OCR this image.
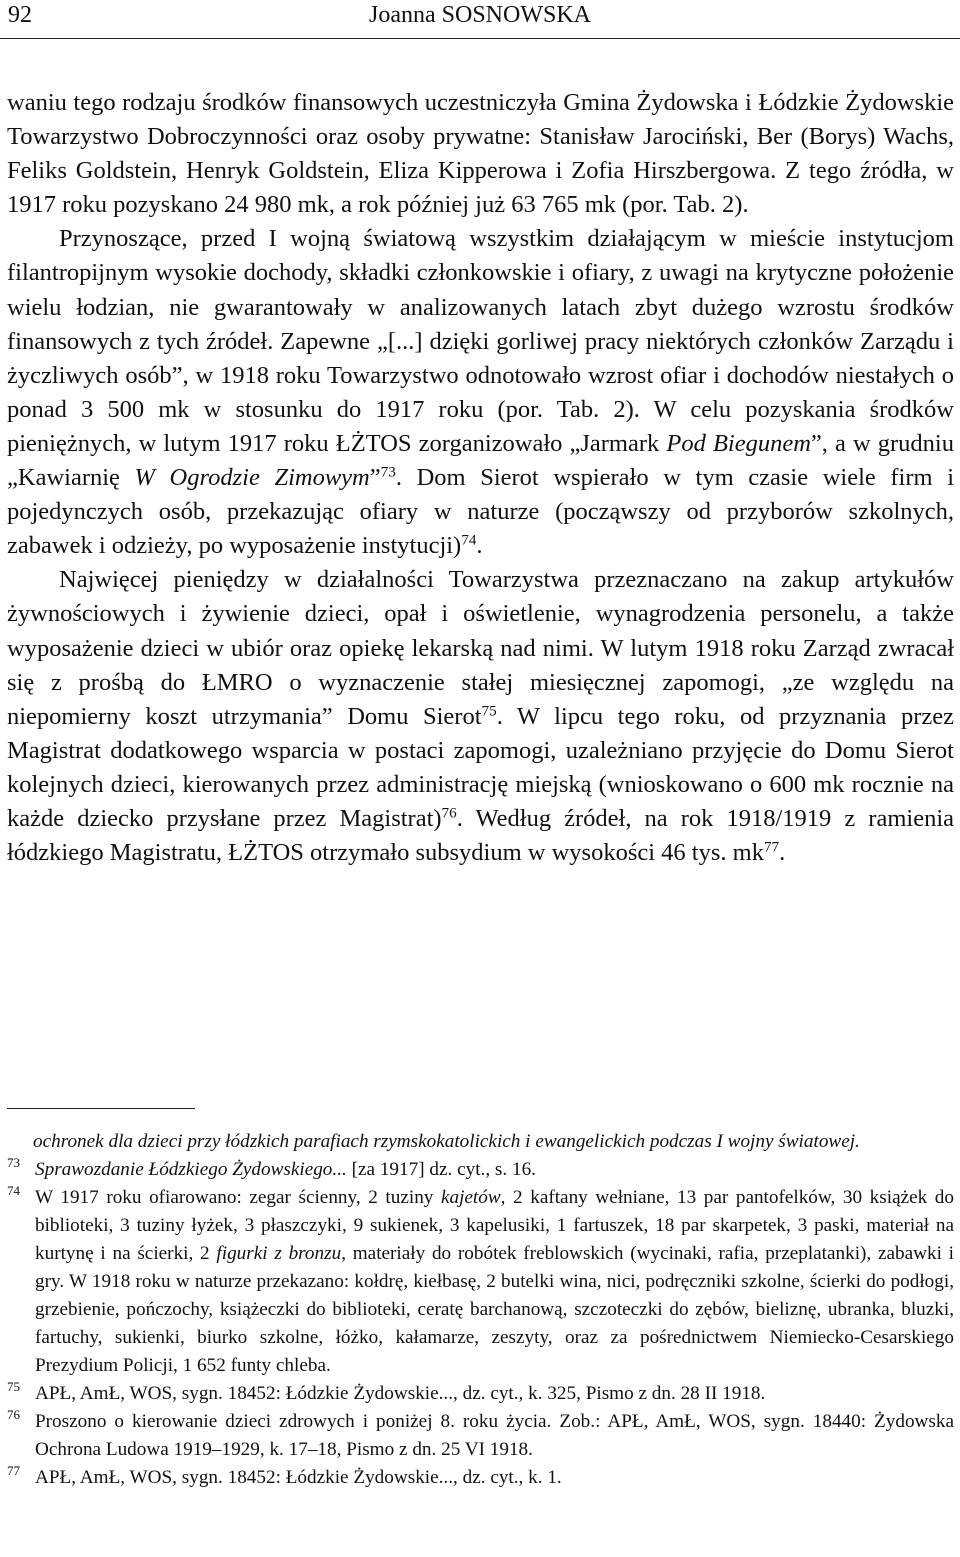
92	Joanna SOSNOWSKA

waniu tego rodzaju środków finansowych uczestniczyła Gmina Żydowska i Łódzkie Żydowskie Towarzystwo Dobroczynności oraz osoby prywatne: Stanisław Jarociński, Ber (Borys) Wachs, Feliks Goldstein, Henryk Goldstein, Eliza Kipperowa i Zofia Hirszbergowa. Z tego źródła, w 1917 roku pozyskano 24 980 mk, a rok później już 63 765 mk (por. Tab. 2).

Przynoszące, przed I wojną światową wszystkim działającym w mieście instytucjom filantropijnym wysokie dochody, składki członkowskie i ofiary, z uwagi na krytyczne położenie wielu łodzian, nie gwarantowały w analizowanych latach zbyt dużego wzrostu środków finansowych z tych źródeł. Zapewne „[...] dzięki gorliwej pracy niektórych członków Zarządu i życzliwych osób”, w 1918 roku Towarzystwo odnotowało wzrost ofiar i dochodów niestałych o ponad 3 500 mk w stosunku do 1917 roku (por. Tab. 2). W celu pozyskania środków pieniężnych, w lutym 1917 roku ŁŻTOS zorganizowało „Jarmark Pod Biegunem”, a w grudniu „Kawiarnię W Ogrodzie Zimowym”$^{73}$. Dom Sierot wspierało w tym czasie wiele firm i pojedynczych osób, przekazując ofiary w naturze (począwszy od przyborów szkolnych, zabawek i odzieży, po wyposażenie instytucji)$^{74}$.

Najwięcej pieniędzy w działalności Towarzystwa przeznaczano na zakup artykułów żywnościowych i żywienie dzieci, opał i oświetlenie, wynagrodzenia personelu, a także wyposażenie dzieci w ubiór oraz opiekę lekarską nad nimi. W lutym 1918 roku Zarząd zwracał się z prośbą do ŁMRO o wyznaczenie stałej miesięcznej zapomogi, „ze względu na niepomierny koszt utrzymania” Domu Sierot$^{75}$. W lipcu tego roku, od przyznania przez Magistrat dodatkowego wsparcia w postaci zapomogi, uzależniano przyjęcie do Domu Sierot kolejnych dzieci, kierowanych przez administrację miejską (wnioskowano o 600 mk rocznie na każde dziecko przysłane przez Magistrat)$^{76}$. Według źródeł, na rok 1918/1919 z ramienia łódzkiego Magistratu, ŁŻTOS otrzymało subsydium w wysokości 46 tys. $mk^{77}$.

ochronek dla dzieci przy łódzkich parafiach rzymskokatolickich i ewangelickich podczas I wojny światowej.

73 Sprawozdanie Łódzkiego Żydowskiego... [za 1917] dz. cyt., s. 16.

74 W 1917 roku ofiarowano: zegar ścienny, 2 tuziny kajetów, 2 kaftany wełniane, 13 par pantofelków, 30 książek do biblioteki, 3 tuziny łyżek, 3 płaszczyki, 9 sukienek, 3 kapelusiki, 1 fartuszek, 18 par skarpetek, 3 paski, materiał na kurtynę i na ścierki, 2 figurki z bronzu, materiały do robótek freblowskich (wycinaki, rafia, przeplatanki), zabawki i gry. W 1918 roku w naturze przekazano: kołdrę, kiełbasę, 2 butelki wina, nici, podręczniki szkolne, ścierki do podłogi, grzebienie, pończochy, książeczki do biblioteki, ceratę barchanową, szczoteczki do zębów, bieliznę, ubranka, bluzki, fartuchy, sukienki, biurko szkolne, łóżko, kałamarze, zeszyty, oraz za pośrednictwem Niemiecko-Cesarskiego Prezydium Policji, 1 652 funty chleba.

75 APŁ, AmŁ, WOS, sygn. 18452: Łódzkie Żydowskie..., dz. cyt., k. 325, Pismo z dn. 28 II 1918.

76 Proszono o kierowanie dzieci zdrowych i poniżej 8. roku życia. Zob.: APŁ, AmŁ, WOS, sygn. 18440: Żydowska Ochrona Ludowa 1919–1929, k. 17–18, Pismo z dn. 25 VI 1918.

77 APŁ, AmŁ, WOS, sygn. 18452: Łódzkie Żydowskie..., dz. cyt., k. 1.
